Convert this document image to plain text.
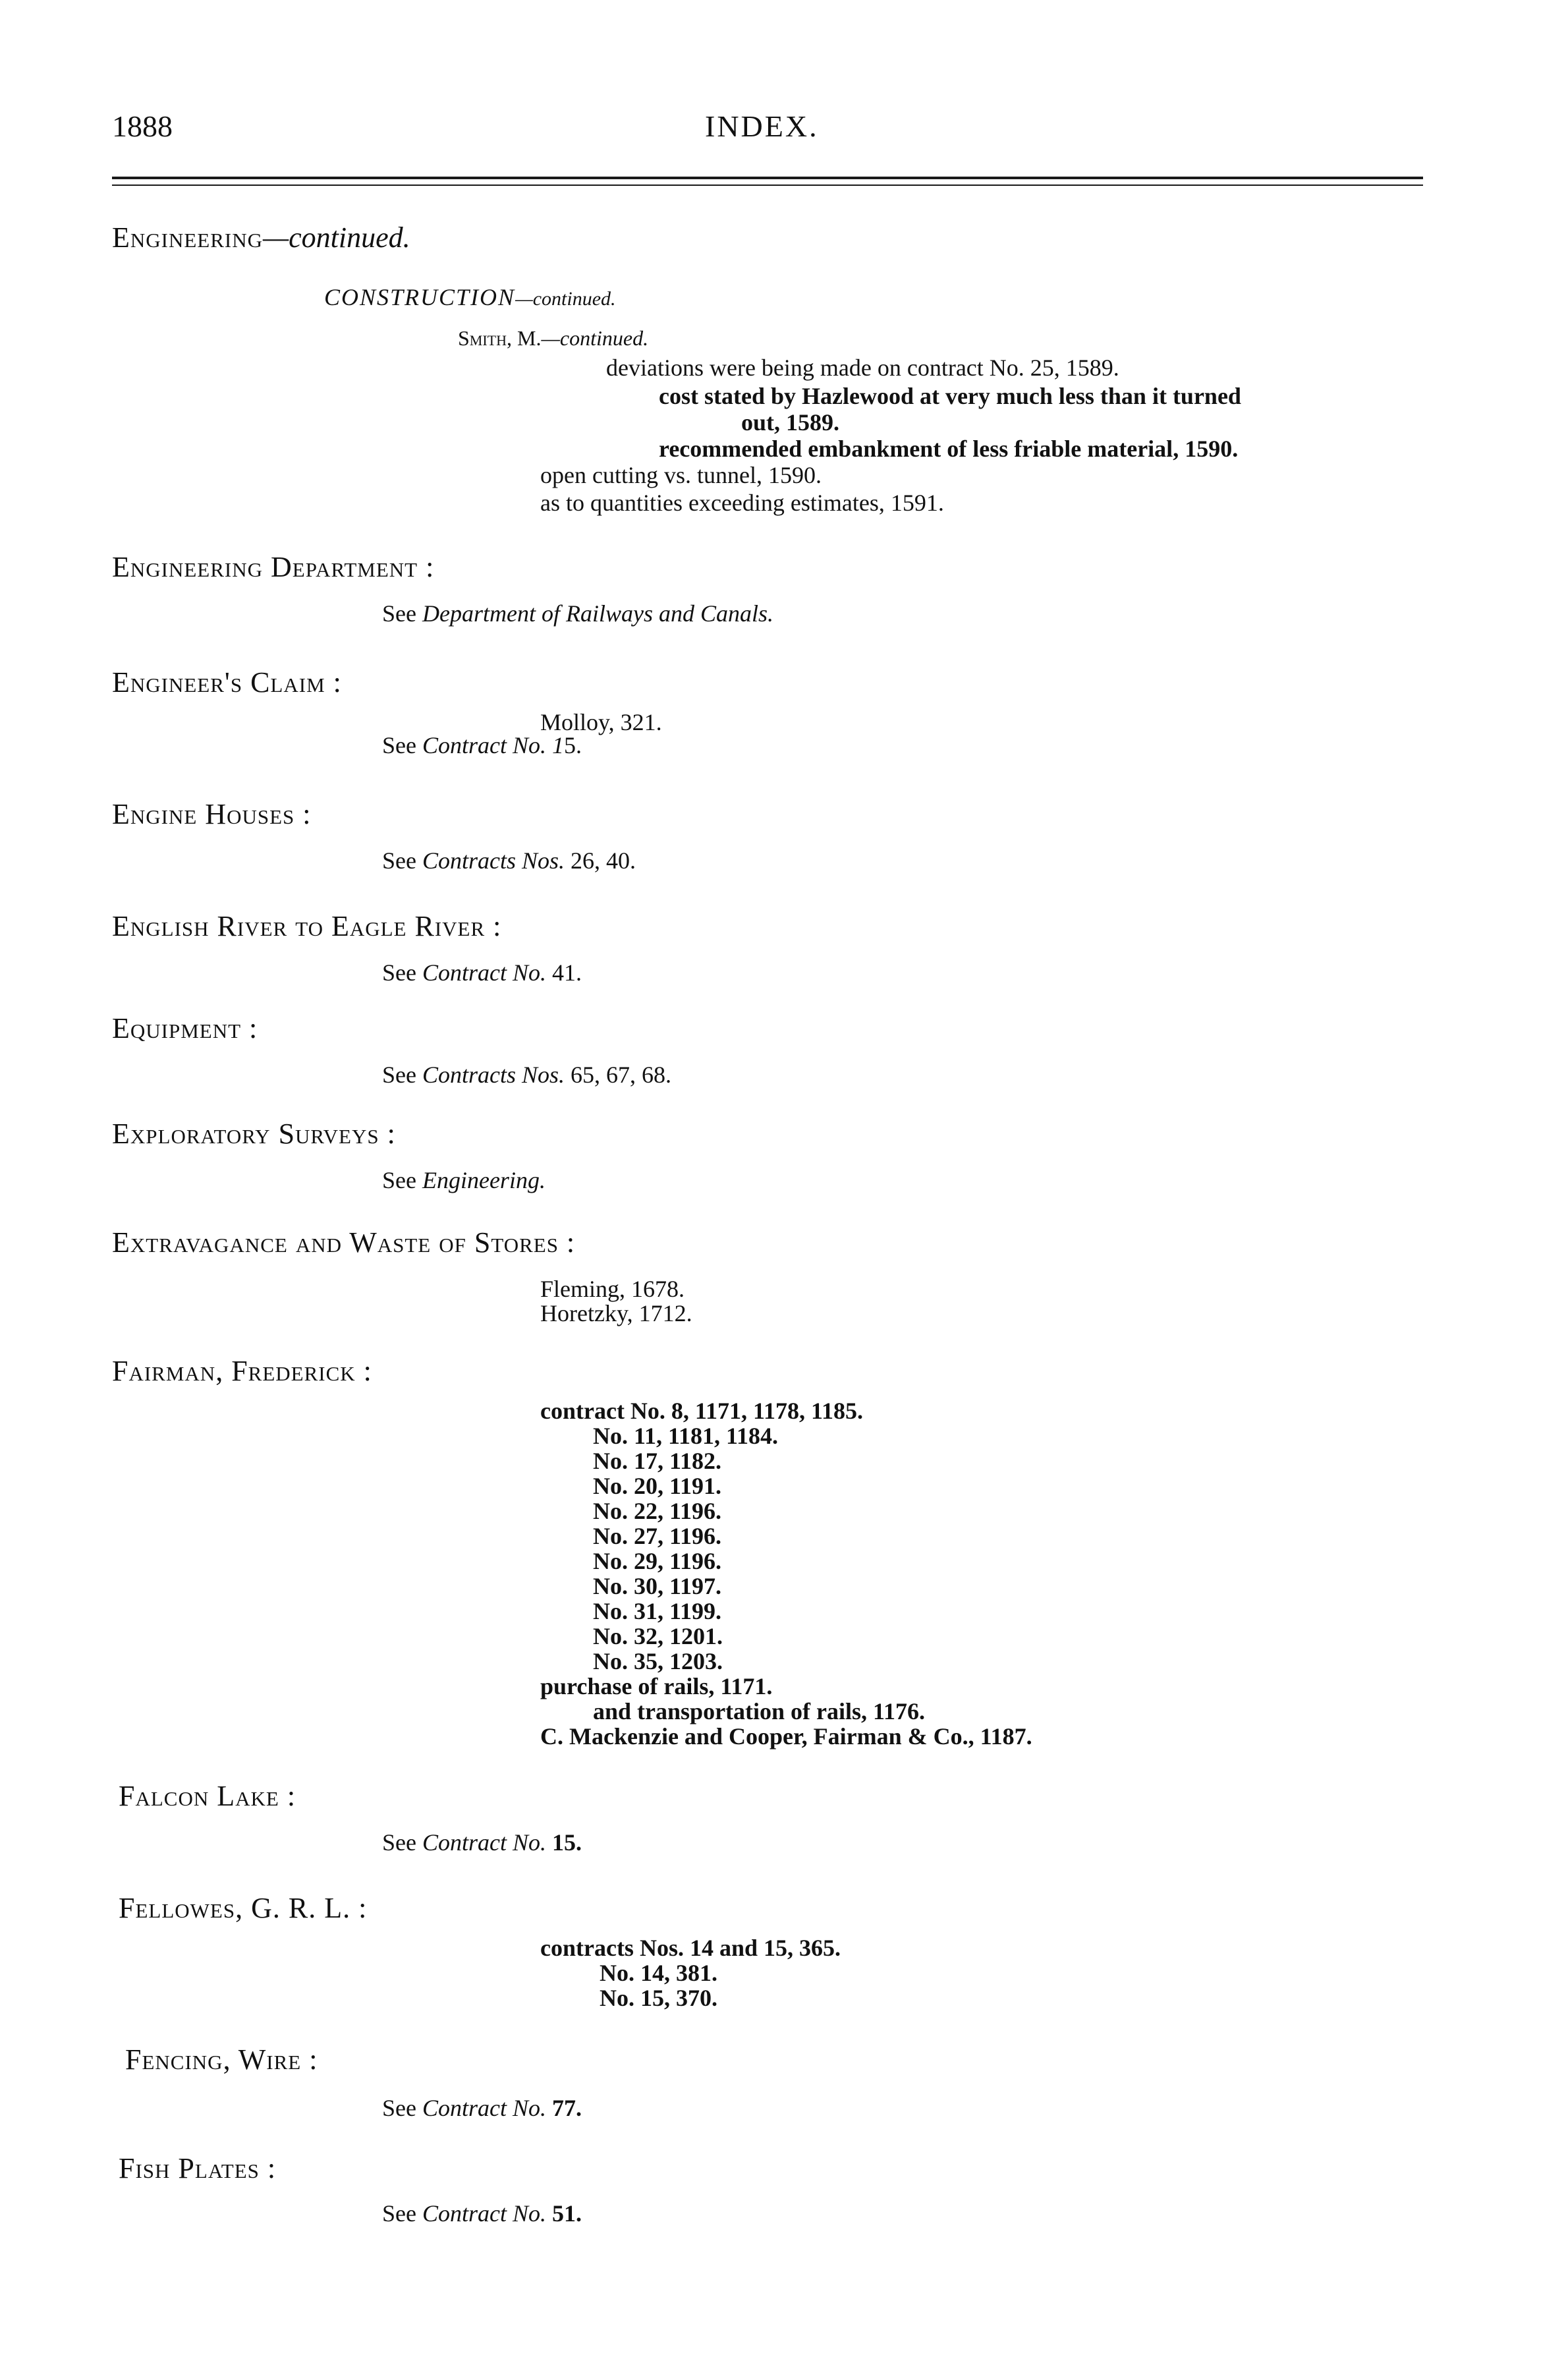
1888	INDEX.
Engineering—continued.
CONSTRUCTION—continued.
Smith, M.—continued.
deviations were being made on contract No. 25, 1589.
cost stated by Hazlewood at very much less than it turned
out, 1589.
recommended embankment of less friable material, 1590.
open cutting vs. tunnel, 1590.
as to quantities exceeding estimates, 1591.
Engineering Department :
See Department of Railways and Canals.
Engineer's Claim :
Molloy, 321.
See Contract No. 15.
Engine Houses :
See Contracts Nos. 26, 40.
English River to Eagle River :
See Contract No. 41.
Equipment :
See Contracts Nos. 65, 67, 68.
Exploratory Surveys :
See Engineering.
Extravagance and Waste of Stores :
Fleming, 1678.
Horetzky, 1712.
Fairman, Frederick :
contract No. 8, 1171, 1178, 1185.
No. 11, 1181, 1184.
No. 17, 1182.
No. 20, 1191.
No. 22, 1196.
No. 27, 1196.
No. 29, 1196.
No. 30, 1197.
No. 31, 1199.
No. 32, 1201.
No. 35, 1203.
purchase of rails, 1171.
and transportation of rails, 1176.
C. Mackenzie and Cooper, Fairman & Co., 1187.
Falcon Lake :
See Contract No. 15.
Fellowes, G. R. L. :
contracts Nos. 14 and 15, 365.
No. 14, 381.
No. 15, 370.
Fencing, Wire :
See Contract No. 77.
Fish Plates :
See Contract No. 51.
